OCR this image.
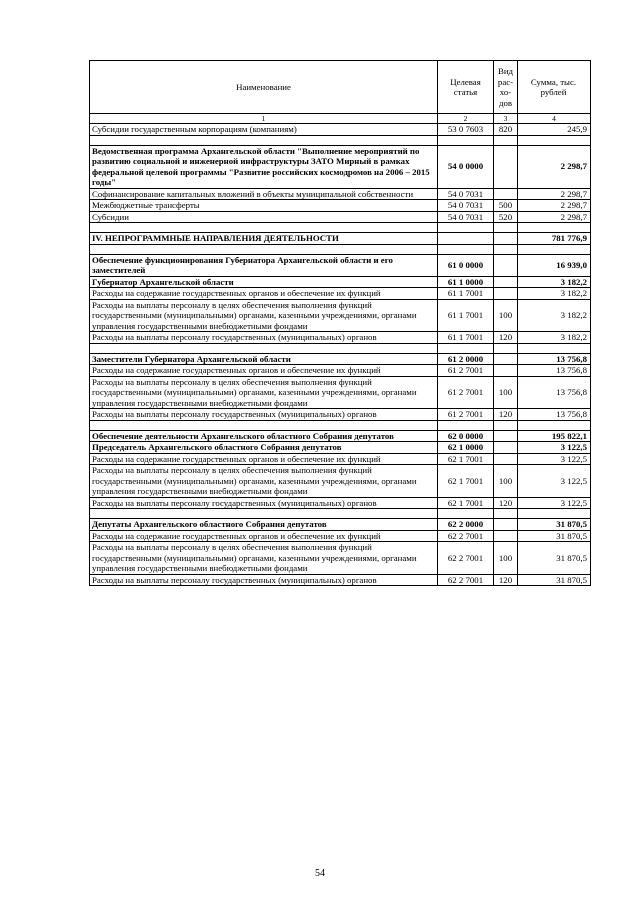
Наименование	Целевая статья	Вид рас-хо-дов	Сумма, тыс. рублей
1	2	3	4
Субсидии государственным корпорациям (компаниям)	53 0 7603	820	245,9

Ведомственная программа Архангельской области "Выполнение мероприятий по развитию социальной и инженерной инфраструктуры ЗАТО Мирный в рамках федеральной целевой программы "Развитие российских космодромов на 2006 – 2015 годы"	54 0 0000		2 298,7
Софинансирование капитальных вложений в объекты муниципальной собственности	54 0 7031		2 298,7
Межбюджетные трансферты	54 0 7031	500	2 298,7
Субсидии	54 0 7031	520	2 298,7

IV. НЕПРОГРАММНЫЕ НАПРАВЛЕНИЯ ДЕЯТЕЛЬНОСТИ			781 776,9

Обеспечение функционирования Губернатора Архангельской области и его заместителей	61 0 0000		16 939,0
Губернатор Архангельской области	61 1 0000		3 182,2
Расходы на содержание государственных органов и обеспечение их функций	61 1 7001		3 182,2
Расходы на выплаты персоналу в целях обеспечения выполнения функций государственными (муниципальными) органами, казенными учреждениями, органами управления государственными внебюджетными фондами	61 1 7001	100	3 182,2
Расходы на выплаты персоналу государственных (муниципальных) органов	61 1 7001	120	3 182,2

Заместители Губернатора Архангельской области	61 2 0000		13 756,8
Расходы на содержание государственных органов и обеспечение их функций	61 2 7001		13 756,8
Расходы на выплаты персоналу в целях обеспечения выполнения функций государственными (муниципальными) органами, казенными учреждениями, органами управления государственными внебюджетными фондами	61 2 7001	100	13 756,8
Расходы на выплаты персоналу государственных (муниципальных) органов	61 2 7001	120	13 756,8

Обеспечение деятельности Архангельского областного Собрания депутатов	62 0 0000		195 822,1
Председатель Архангельского областного Собрания депутатов	62 1 0000		3 122,5
Расходы на содержание государственных органов и обеспечение их функций	62 1 7001		3 122,5
Расходы на выплаты персоналу в целях обеспечения выполнения функций государственными (муниципальными) органами, казенными учреждениями, органами управления государственными внебюджетными фондами	62 1 7001	100	3 122,5
Расходы на выплаты персоналу государственных (муниципальных) органов	62 1 7001	120	3 122,5

Депутаты Архангельского областного Собрания депутатов	62 2 0000		31 870,5
Расходы на содержание государственных органов и обеспечение их функций	62 2 7001		31 870,5
Расходы на выплаты персоналу в целях обеспечения выполнения функций государственными (муниципальными) органами, казенными учреждениями, органами управления государственными внебюджетными фондами	62 2 7001	100	31 870,5
Расходы на выплаты персоналу государственных (муниципальных) органов	62 2 7001	120	31 870,5
54
